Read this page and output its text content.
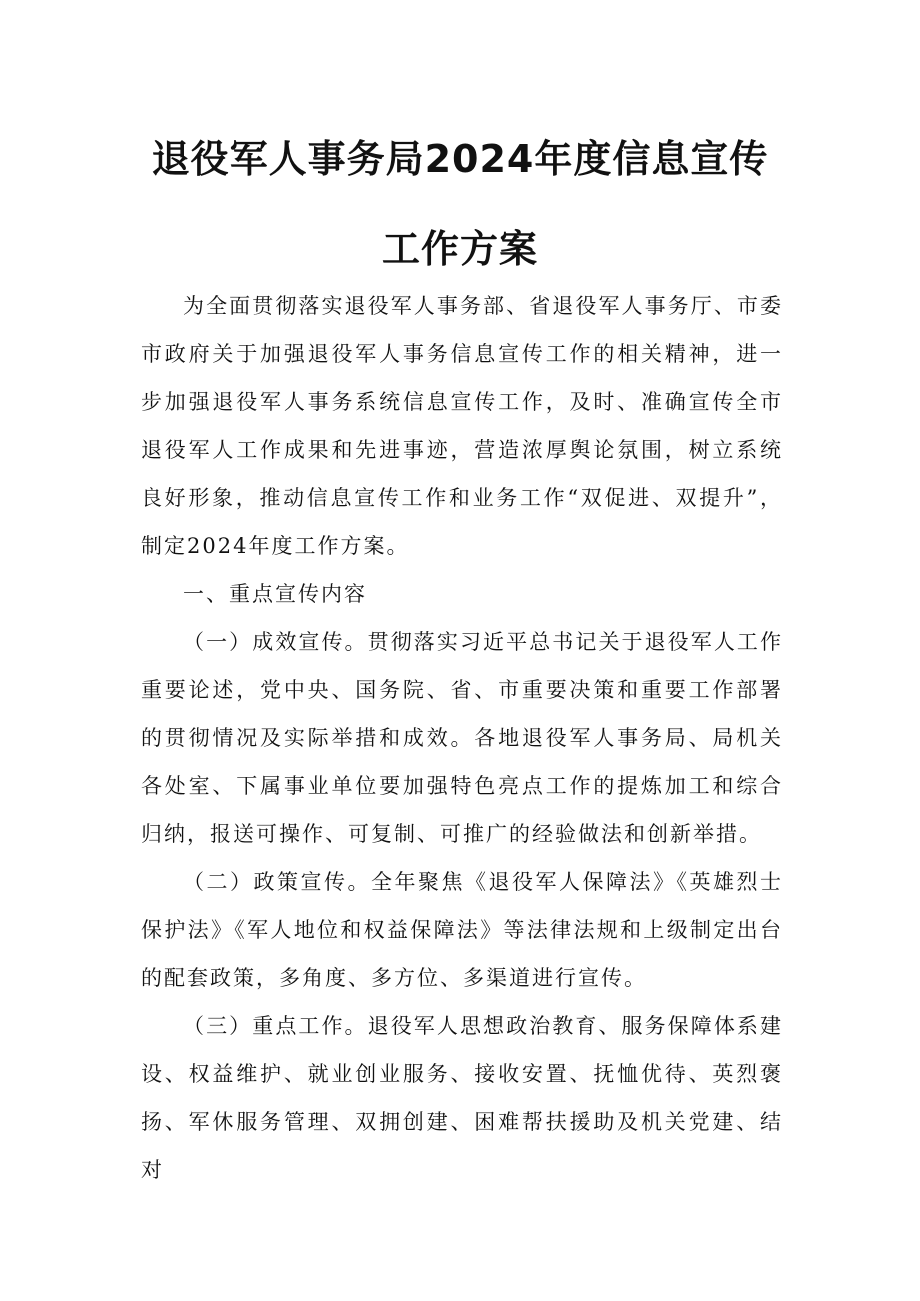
退役军人事务局2024年度信息宣传
工作方案

为全面贯彻落实退役军人事务部、省退役军人事务厅、市委市政府关于加强退役军人事务信息宣传工作的相关精神，进一步加强退役军人事务系统信息宣传工作，及时、准确宣传全市退役军人工作成果和先进事迹，营造浓厚舆论氛围，树立系统良好形象，推动信息宣传工作和业务工作“双促进、双提升”，制定2024年度工作方案。

一、重点宣传内容

（一）成效宣传。贯彻落实习近平总书记关于退役军人工作重要论述，党中央、国务院、省、市重要决策和重要工作部署的贯彻情况及实际举措和成效。各地退役军人事务局、局机关各处室、下属事业单位要加强特色亮点工作的提炼加工和综合归纳，报送可操作、可复制、可推广的经验做法和创新举措。

（二）政策宣传。全年聚焦《退役军人保障法》《英雄烈士保护法》《军人地位和权益保障法》等法律法规和上级制定出台的配套政策，多角度、多方位、多渠道进行宣传。

（三）重点工作。退役军人思想政治教育、服务保障体系建设、权益维护、就业创业服务、接收安置、抚恤优待、英烈褒扬、军休服务管理、双拥创建、困难帮扶援助及机关党建、结对
